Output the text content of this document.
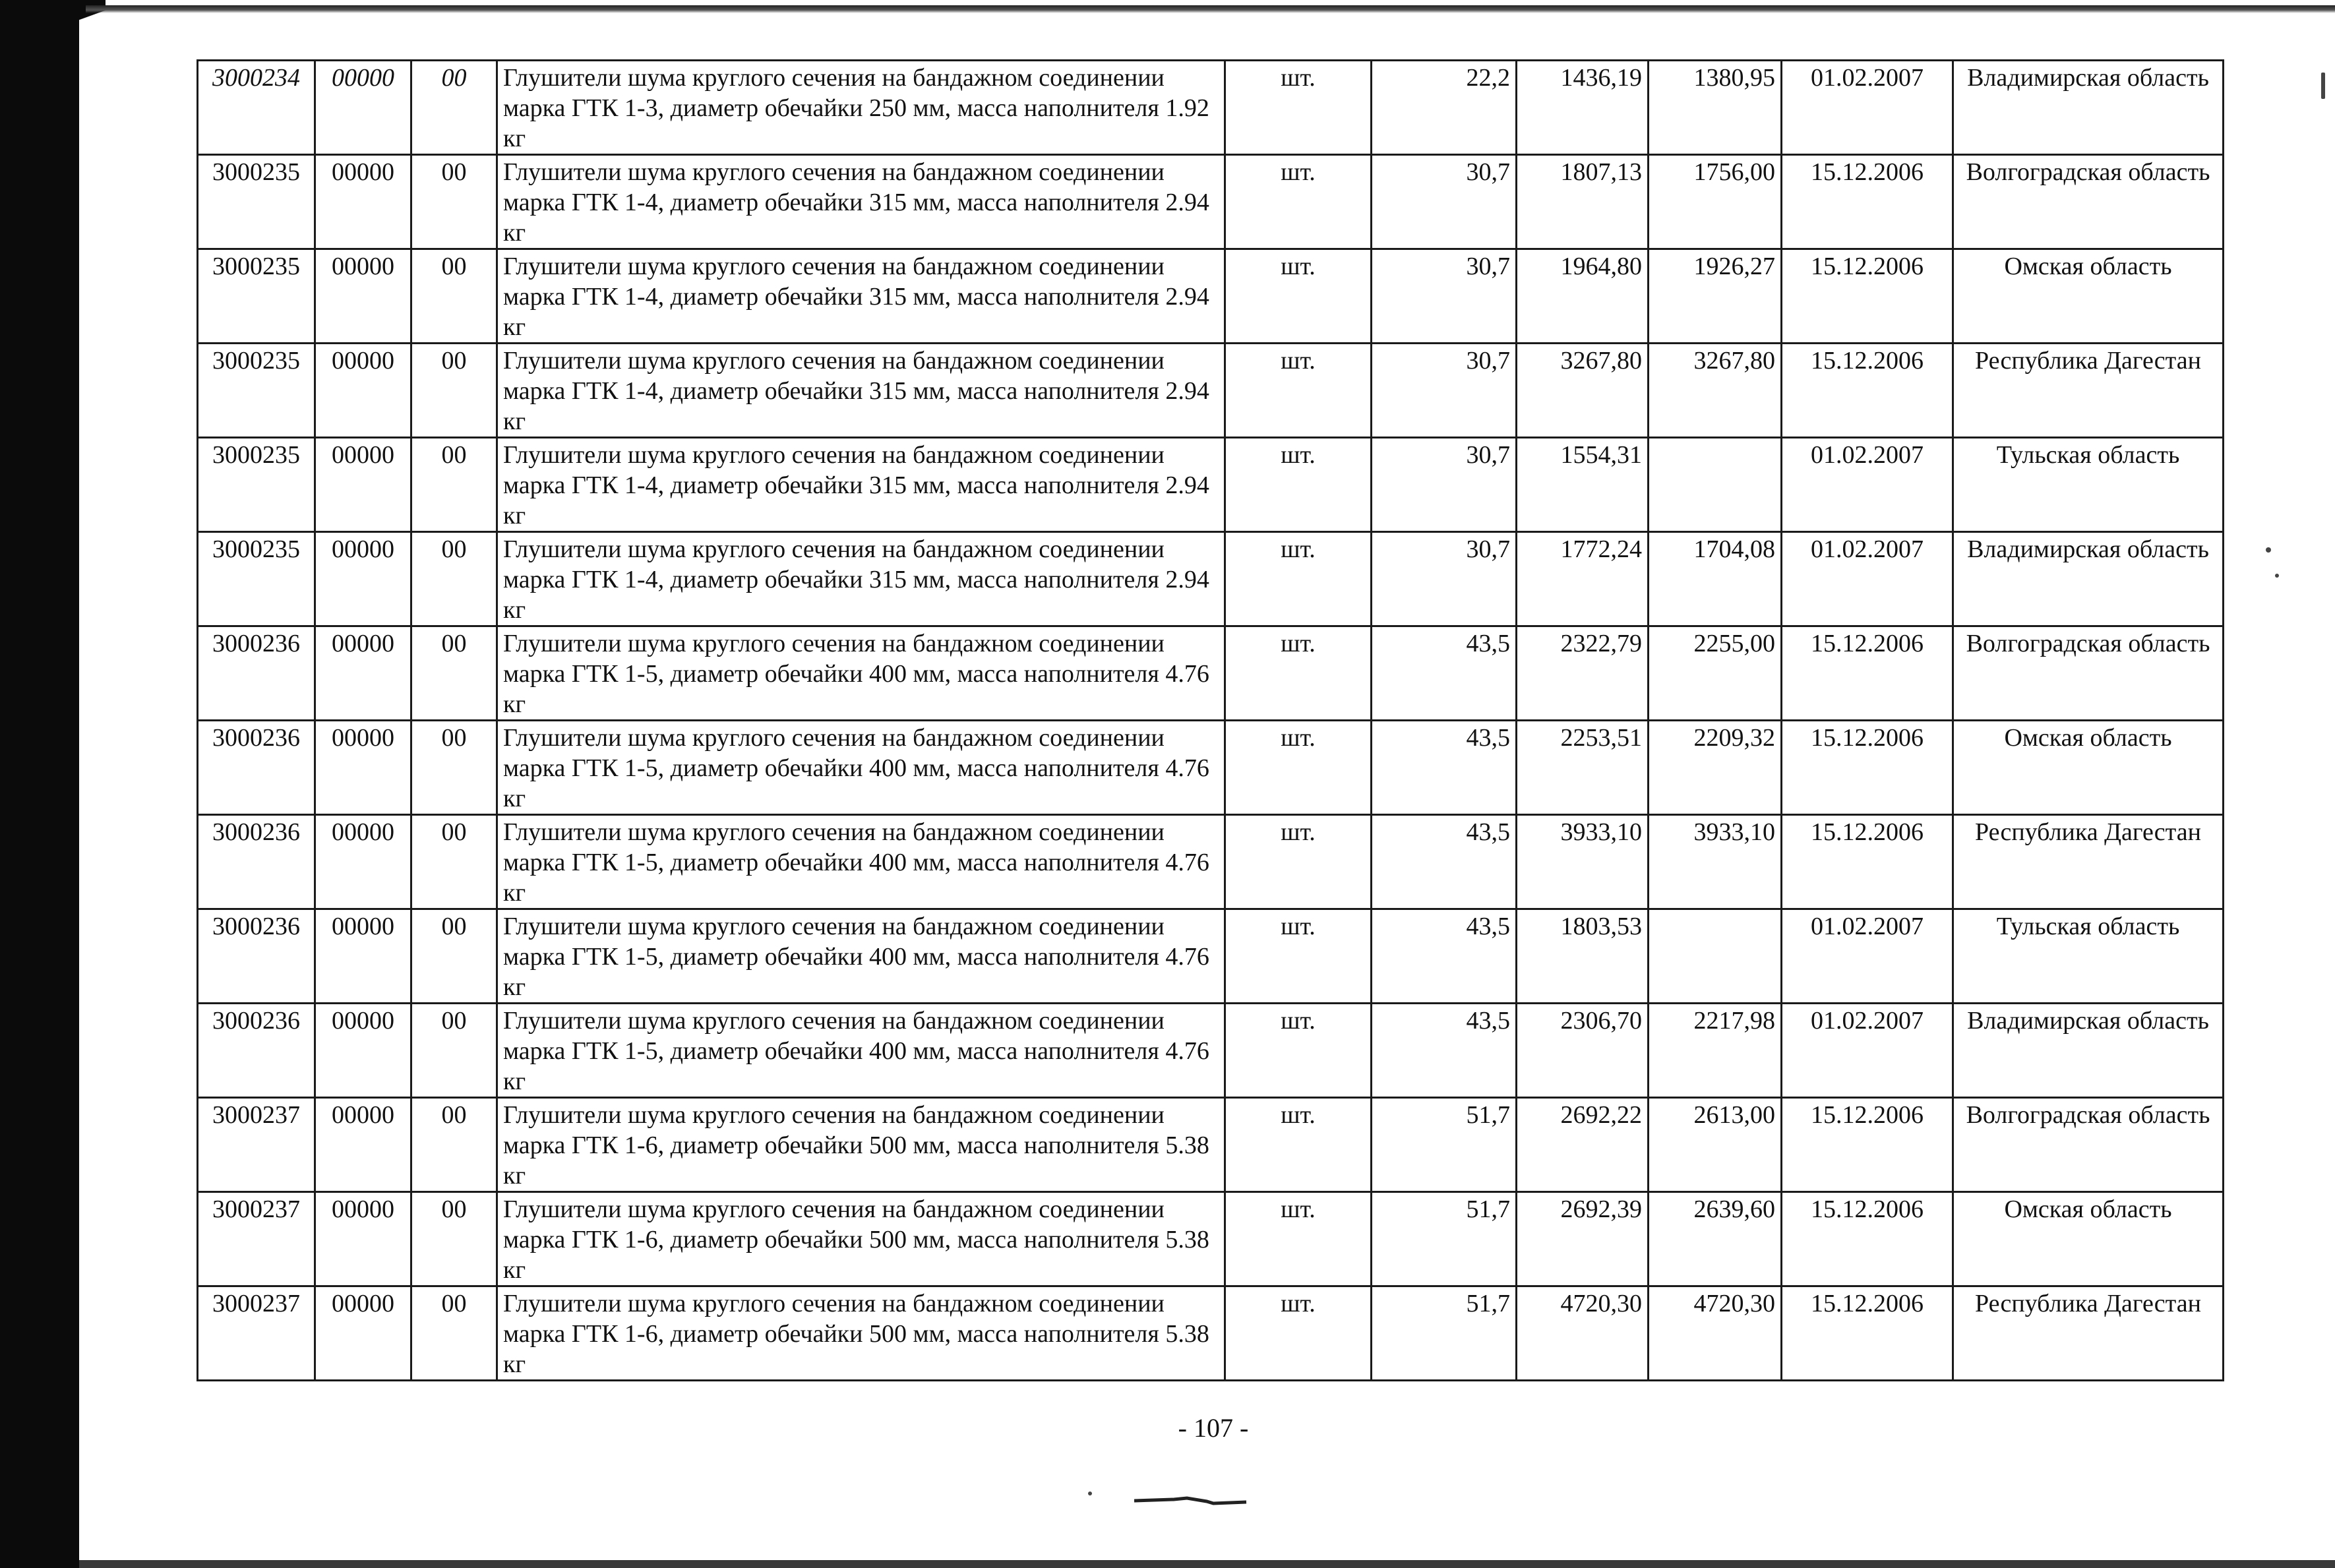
3000234	00000	00	Глушители шума круглого сечения на бандажном соединении марка ГТК 1-3, диаметр обечайки 250 мм, масса наполнителя 1.92 кг	шт.	22,2	1436,19	1380,95	01.02.2007	Владимирская область
3000235	00000	00	Глушители шума круглого сечения на бандажном соединении марка ГТК 1-4, диаметр обечайки 315 мм, масса наполнителя 2.94 кг	шт.	30,7	1807,13	1756,00	15.12.2006	Волгоградская область
3000235	00000	00	Глушители шума круглого сечения на бандажном соединении марка ГТК 1-4, диаметр обечайки 315 мм, масса наполнителя 2.94 кг	шт.	30,7	1964,80	1926,27	15.12.2006	Омская область
3000235	00000	00	Глушители шума круглого сечения на бандажном соединении марка ГТК 1-4, диаметр обечайки 315 мм, масса наполнителя 2.94 кг	шт.	30,7	3267,80	3267,80	15.12.2006	Республика Дагестан
3000235	00000	00	Глушители шума круглого сечения на бандажном соединении марка ГТК 1-4, диаметр обечайки 315 мм, масса наполнителя 2.94 кг	шт.	30,7	1554,31		01.02.2007	Тульская область
3000235	00000	00	Глушители шума круглого сечения на бандажном соединении марка ГТК 1-4, диаметр обечайки 315 мм, масса наполнителя 2.94 кг	шт.	30,7	1772,24	1704,08	01.02.2007	Владимирская область
3000236	00000	00	Глушители шума круглого сечения на бандажном соединении марка ГТК 1-5, диаметр обечайки 400 мм, масса наполнителя 4.76 кг	шт.	43,5	2322,79	2255,00	15.12.2006	Волгоградская область
3000236	00000	00	Глушители шума круглого сечения на бандажном соединении марка ГТК 1-5, диаметр обечайки 400 мм, масса наполнителя 4.76 кг	шт.	43,5	2253,51	2209,32	15.12.2006	Омская область
3000236	00000	00	Глушители шума круглого сечения на бандажном соединении марка ГТК 1-5, диаметр обечайки 400 мм, масса наполнителя 4.76 кг	шт.	43,5	3933,10	3933,10	15.12.2006	Республика Дагестан
3000236	00000	00	Глушители шума круглого сечения на бандажном соединении марка ГТК 1-5, диаметр обечайки 400 мм, масса наполнителя 4.76 кг	шт.	43,5	1803,53		01.02.2007	Тульская область
3000236	00000	00	Глушители шума круглого сечения на бандажном соединении марка ГТК 1-5, диаметр обечайки 400 мм, масса наполнителя 4.76 кг	шт.	43,5	2306,70	2217,98	01.02.2007	Владимирская область
3000237	00000	00	Глушители шума круглого сечения на бандажном соединении марка ГТК 1-6, диаметр обечайки 500 мм, масса наполнителя 5.38 кг	шт.	51,7	2692,22	2613,00	15.12.2006	Волгоградская область
3000237	00000	00	Глушители шума круглого сечения на бандажном соединении марка ГТК 1-6, диаметр обечайки 500 мм, масса наполнителя 5.38 кг	шт.	51,7	2692,39	2639,60	15.12.2006	Омская область
3000237	00000	00	Глушители шума круглого сечения на бандажном соединении марка ГТК 1-6, диаметр обечайки 500 мм, масса наполнителя 5.38 кг	шт.	51,7	4720,30	4720,30	15.12.2006	Республика Дагестан
- 107 -
